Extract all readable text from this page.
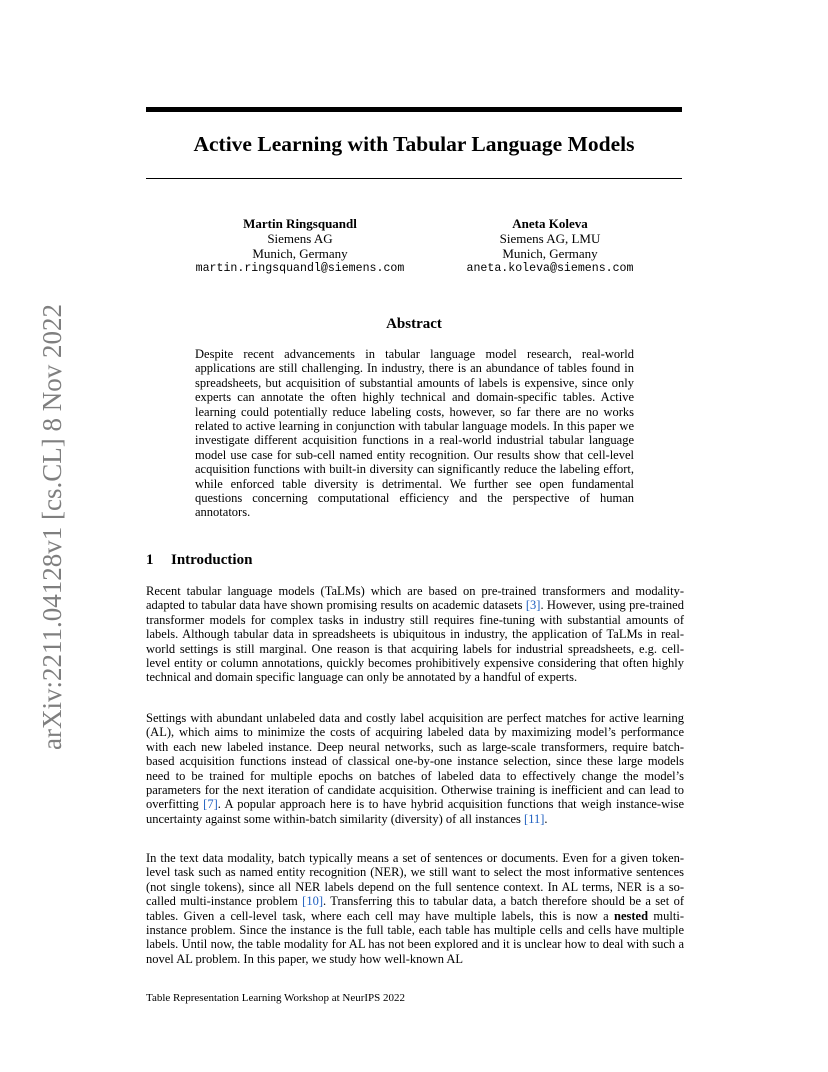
arXiv:2211.04128v1 [cs.CL] 8 Nov 2022
Active Learning with Tabular Language Models
Martin Ringsquandl
Siemens AG
Munich, Germany
martin.ringsquandl@siemens.com
Aneta Koleva
Siemens AG, LMU
Munich, Germany
aneta.koleva@siemens.com
Abstract

Despite recent advancements in tabular language model research, real-world applications are still challenging. In industry, there is an abundance of tables found in spreadsheets, but acquisition of substantial amounts of labels is expensive, since only experts can annotate the often highly technical and domain-specific tables. Active learning could potentially reduce labeling costs, however, so far there are no works related to active learning in conjunction with tabular language models. In this paper we investigate different acquisition functions in a real-world industrial tabular language model use case for sub-cell named entity recognition. Our results show that cell-level acquisition functions with built-in diversity can significantly reduce the labeling effort, while enforced table diversity is detrimental. We further see open fundamental questions concerning computational efficiency and the perspective of human annotators.

1 Introduction

Recent tabular language models (TaLMs) which are based on pre-trained transformers and modality-adapted to tabular data have shown promising results on academic datasets [3]. However, using pre-trained transformer models for complex tasks in industry still requires fine-tuning with substantial amounts of labels. Although tabular data in spreadsheets is ubiquitous in industry, the application of TaLMs in real-world settings is still marginal. One reason is that acquiring labels for industrial spreadsheets, e.g. cell-level entity or column annotations, quickly becomes prohibitively expensive considering that often highly technical and domain specific language can only be annotated by a handful of experts.

Settings with abundant unlabeled data and costly label acquisition are perfect matches for active learning (AL), which aims to minimize the costs of acquiring labeled data by maximizing model’s performance with each new labeled instance. Deep neural networks, such as large-scale transformers, require batch-based acquisition functions instead of classical one-by-one instance selection, since these large models need to be trained for multiple epochs on batches of labeled data to effectively change the model’s parameters for the next iteration of candidate acquisition. Otherwise training is inefficient and can lead to overfitting [7]. A popular approach here is to have hybrid acquisition functions that weigh instance-wise uncertainty against some within-batch similarity (diversity) of all instances [11].

In the text data modality, batch typically means a set of sentences or documents. Even for a given token-level task such as named entity recognition (NER), we still want to select the most informative sentences (not single tokens), since all NER labels depend on the full sentence context. In AL terms, NER is a so-called multi-instance problem [10]. Transferring this to tabular data, a batch therefore should be a set of tables. Given a cell-level task, where each cell may have multiple labels, this is now a nested multi-instance problem. Since the instance is the full table, each table has multiple cells and cells have multiple labels. Until now, the table modality for AL has not been explored and it is unclear how to deal with such a novel AL problem. In this paper, we study how well-known AL

Table Representation Learning Workshop at NeurIPS 2022
